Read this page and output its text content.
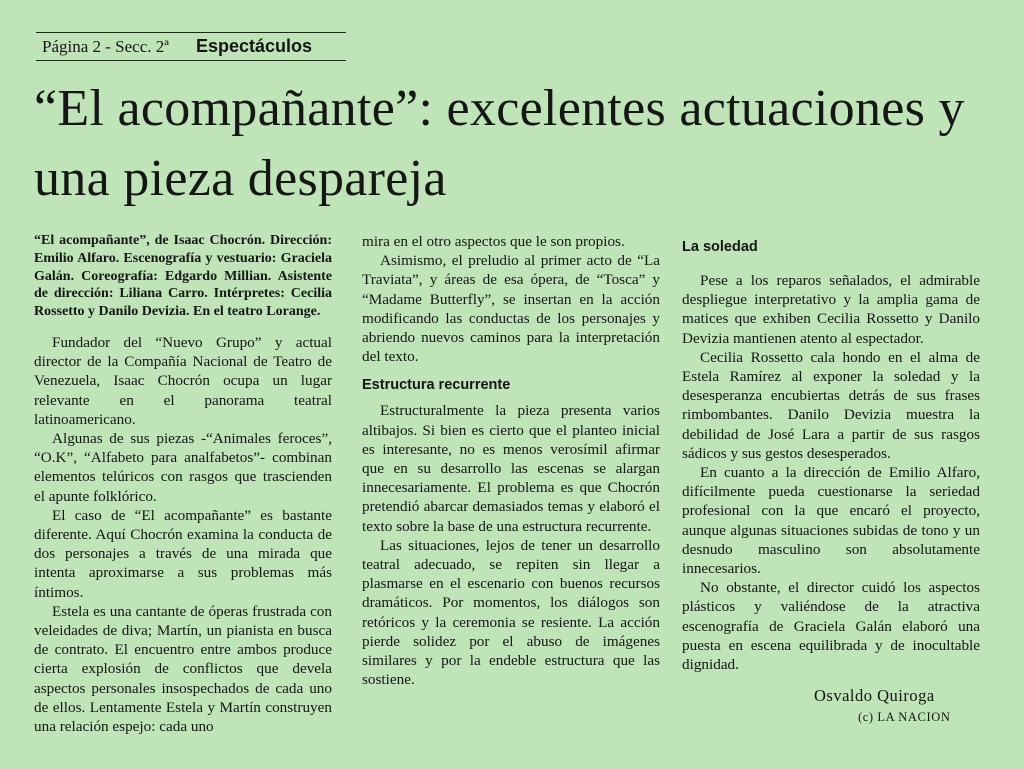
Página 2 - Secc. 2ª Espectáculos
“El acompañante”: excelentes actuaciones y una pieza despareja

“El acompañante”, de Isaac Chocrón. Dirección: Emilio Alfaro. Escenografía y vestuario: Graciela Galán. Coreografía: Edgardo Millian. Asistente de dirección: Liliana Carro. Intérpretes: Cecilia Rossetto y Danilo Devizia. En el teatro Lorange.

Fundador del “Nuevo Grupo” y actual director de la Compañía Nacional de Teatro de Venezuela, Isaac Chocrón ocupa un lugar relevante en el panorama teatral latinoamericano.

Algunas de sus piezas -“Animales feroces”, “O.K”, “Alfabeto para analfabetos”- combinan elementos telúricos con rasgos que trascienden el apunte folklórico.

El caso de “El acompañante” es bastante diferente. Aquí Chocrón examina la conducta de dos personajes a través de una mirada que intenta aproximarse a sus problemas más íntimos.

Estela es una cantante de óperas frustrada con veleidades de diva; Martín, un pianista en busca de contrato. El encuentro entre ambos produce cierta explosión de conflictos que devela aspectos personales insospechados de cada uno de ellos. Lentamente Estela y Martín construyen una relación espejo: cada uno

mira en el otro aspectos que le son propios.

Asimismo, el preludio al primer acto de “La Traviata”, y áreas de esa ópera, de “Tosca” y “Madame Butterfly”, se insertan en la acción modificando las conductas de los personajes y abriendo nuevos caminos para la interpretación del texto.

Estructura recurrente

Estructuralmente la pieza presenta varios altibajos. Si bien es cierto que el planteo inicial es interesante, no es menos verosímil afirmar que en su desarrollo las escenas se alargan innecesariamente. El problema es que Chocrón pretendió abarcar demasiados temas y elaboró el texto sobre la base de una estructura recurrente.

Las situaciones, lejos de tener un desarrollo teatral adecuado, se repiten sin llegar a plasmarse en el escenario con buenos recursos dramáticos. Por momentos, los diálogos son retóricos y la ceremonia se resiente. La acción pierde solidez por el abuso de imágenes similares y por la endeble estructura que las sostiene.

La soledad

Pese a los reparos señalados, el admirable despliegue interpretativo y la amplia gama de matices que exhiben Cecilia Rossetto y Danilo Devizia mantienen atento al espectador.

Cecilia Rossetto cala hondo en el alma de Estela Ramírez al exponer la soledad y la desesperanza encubiertas detrás de sus frases rimbombantes. Danilo Devizia muestra la debilidad de José Lara a partir de sus rasgos sádicos y sus gestos desesperados.

En cuanto a la dirección de Emilio Alfaro, difícilmente pueda cuestionarse la seriedad profesional con la que encaró el proyecto, aunque algunas situaciones subidas de tono y un desnudo masculino son absolutamente innecesarios.

No obstante, el director cuidó los aspectos plásticos y valiéndose de la atractiva escenografía de Graciela Galán elaboró una puesta en escena equilibrada y de inocultable dignidad.

Osvaldo Quiroga
(c) LA NACION
